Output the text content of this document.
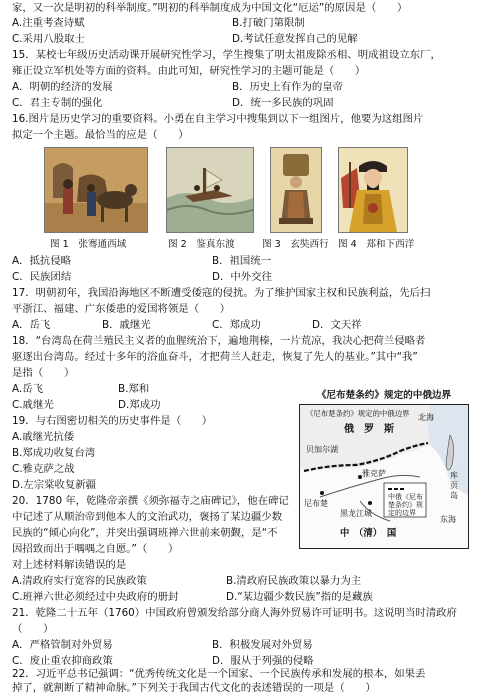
家，又一次是明初的科举制度。”明初的科举制度成为中国文化“厄运”的原因是（　　）
A.注重考查诗赋	B.打破门第限制
C.采用八股取士	D.考试任意发挥自己的见解
15．某校七年级历史活动课开展研究性学习，学生搜集了明太祖废除丞相、明成祖设立东厂，
雍正设立军机处等方面的资料。由此可知，研究性学习的主题可能是（　　）
A．明朝的经济的发展	B．历史上有作为的皇帝
C．君主专制的强化	D．统一多民族的巩固
16.图片是历史学习的重要资料。小勇在自主学习中搜集到以下一组图片，他要为这组图片
拟定一个主题。最恰当的应是（　　）
图 1　张骞通西域	图 2　鉴真东渡	图 3　玄奘西行 图 4　郑和下西洋
A．抵抗侵略	B．祖国统一
C．民族团结	D．中外交往
17．明朝初年，我国沿海地区不断遭受倭寇的侵扰。为了维护国家主权和民族利益，先后扫
平浙江、福建、广东倭患的爱国将领是（　　）
A．岳飞	B．戚继光	C．郑成功	D．文天祥
18．“台湾岛在荷兰殖民主义者的血腥统治下，遍地荆榛，一片荒凉，我决心把荷兰侵略者
驱逐出台湾岛。经过十多年的浴血奋斗，才把荷兰人赶走，恢复了先人的基业。”其中“我”
是指（　　）
A.岳飞	B.郑和
C.戚继光	D.郑成功
19．与右图密切相关的历史事件是（　　）
A.戚继光抗倭
B.郑成功收复台湾
C.雅克萨之战
D.左宗棠收复新疆
《尼布楚条约》规定的中俄边界
《尼布楚条约》规定的中俄边界
俄　罗　斯
贝加尔湖
北海
库页岛
东海
雅克萨
尼布楚
黑龙江城
中俄《尼布楚条约》规定的边界
中　（清）　国
20．1780 年，乾隆帝亲撰《须弥福寺之庙碑记》，他在碑记
中记述了从顺治帝到他本人的文治武功，褒扬了某边疆少数
民族的“倾心向化”，并突出强调班禅六世前来朝觐，是“不
因招致而出于喁喁之自愿。”（　　）
对上述材料解读错误的是
A.清政府实行宽容的民族政策	B.清政府民族政策以暴力为主
C.班禅六世必须经过中央政府的册封	D.“某边疆少数民族”指的是藏族
21．乾隆二十五年（1760）中国政府曾颁发给部分商人海外贸易许可证明书。这说明当时清政府
（　　）
A．严格管制对外贸易	B．积极发展对外贸易
C．废止重农抑商政策	D．服从于列强的侵略
22．习近平总书记强调：“优秀传统文化是一个国家、一个民族传承和发展的根本，如果丢
掉了，就割断了精神命脉。”下列关于我国古代文化的表述错误的一项是（　　）
